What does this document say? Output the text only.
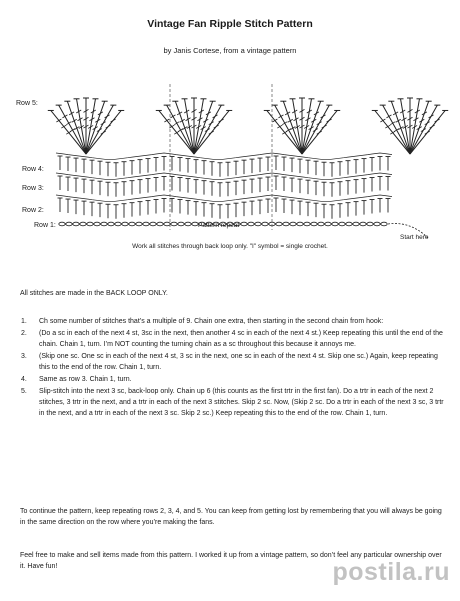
Vintage Fan Ripple Stitch Pattern
by Janis Cortese, from a vintage pattern
Row 5:
Row 4:
Row 3:
Row 2:
Row 1:	Pattern repeat
Start here
Work all stitches through back loop only. "I" symbol = single crochet.
All stitches are made in the BACK LOOP ONLY.
1.	Ch some number of stitches that’s a multiple of 9. Chain one extra, then starting in the second chain from hook:
2.	(Do a sc in each of the next 4 st, 3sc in the next, then another 4 sc in each of the next 4 st.) Keep repeating this until the end of the chain. Chain 1, turn. I’m NOT counting the turning chain as a sc throughout this because it annoys me.
3.	(Skip one sc. One sc in each of the next 4 st, 3 sc in the next, one sc in each of the next 4 st. Skip one sc.) Again, keep repeating this to the end of the row. Chain 1, turn.
4.	Same as row 3. Chain 1, turn.
5.	Slip-stitch into the next 3 sc, back-loop only. Chain up 6 (this counts as the first trtr in the first fan). Do a trtr in each of the next 2 stitches, 3 trtr in the next, and a trtr in each of the next 3 stitches. Skip 2 sc. Now, (Skip 2 sc. Do a trtr in each of the next 3 sc, 3 trtr in the next, and a trtr in each of the next 3 sc. Skip 2 sc.) Keep repeating this to the end of the row. Chain 1, turn.
To continue the pattern, keep repeating rows 2, 3, 4, and 5. You can keep from getting lost by remembering that you will always be going in the same direction on the row where you’re making the fans.
Feel free to make and sell items made from this pattern. I worked it up from a vintage pattern, so don’t feel any particular ownership over it. Have fun!	postila.ru
